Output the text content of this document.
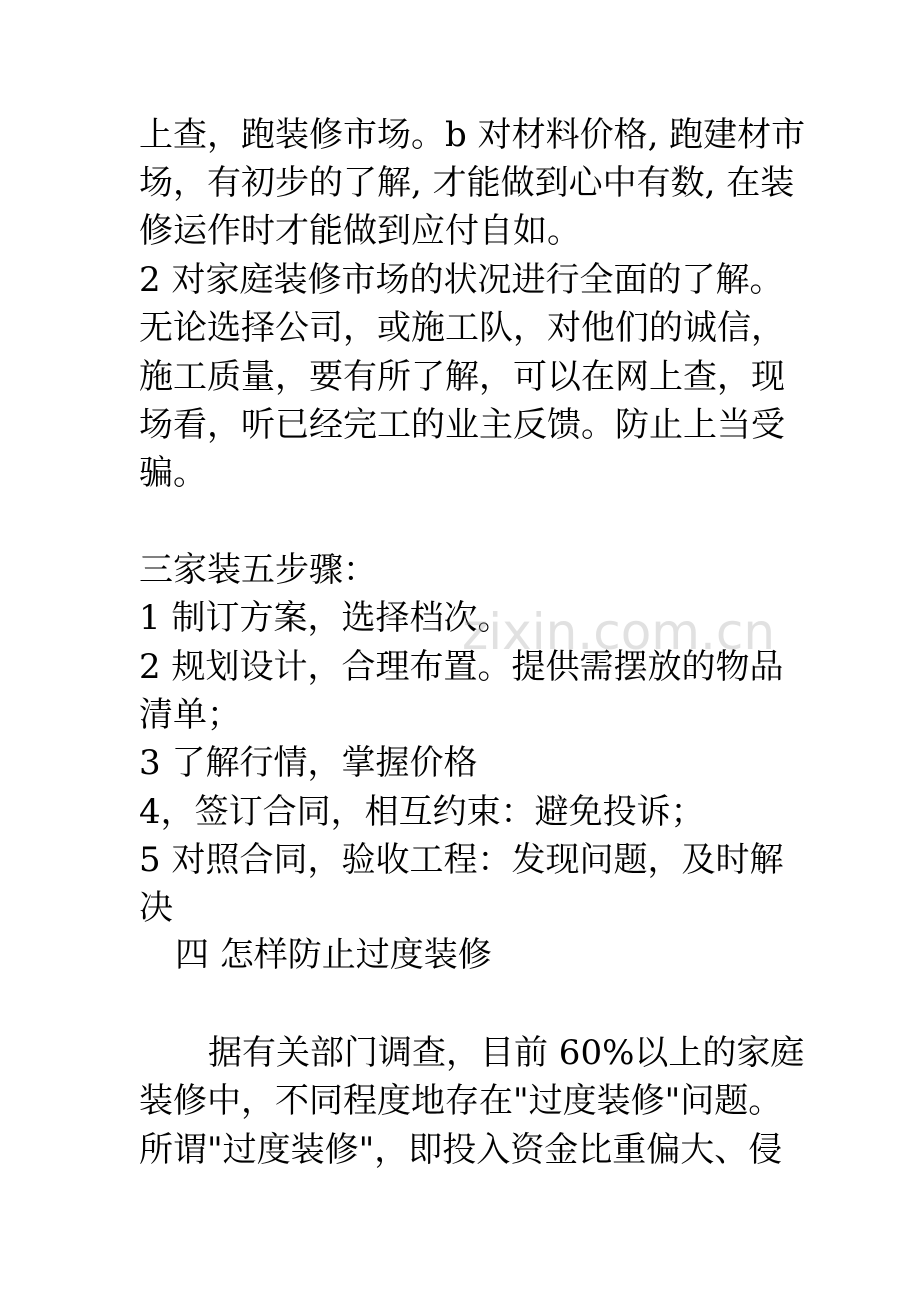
上查，跑装修市场。b 对材料价格, 跑建材市
场，有初步的了解, 才能做到心中有数, 在装
修运作时才能做到应付自如。
2 对家庭装修市场的状况进行全面的了解。
无论选择公司，或施工队，对他们的诚信，
施工质量，要有所了解，可以在网上查，现
场看，听已经完工的业主反馈。防止上当受
骗。
三家装五步骤：
1 制订方案，选择档次。
2 规划设计，合理布置。提供需摆放的物品
清单；
3 了解行情，掌握价格
4，签订合同，相互约束：避免投诉；
5 对照合同，验收工程：发现问题，及时解
决
四 怎样防止过度装修
据有关部门调查，目前 60%以上的家庭
装修中，不同程度地存在"过度装修"问题。
所谓"过度装修"，即投入资金比重偏大、侵
zixin.com.cn
